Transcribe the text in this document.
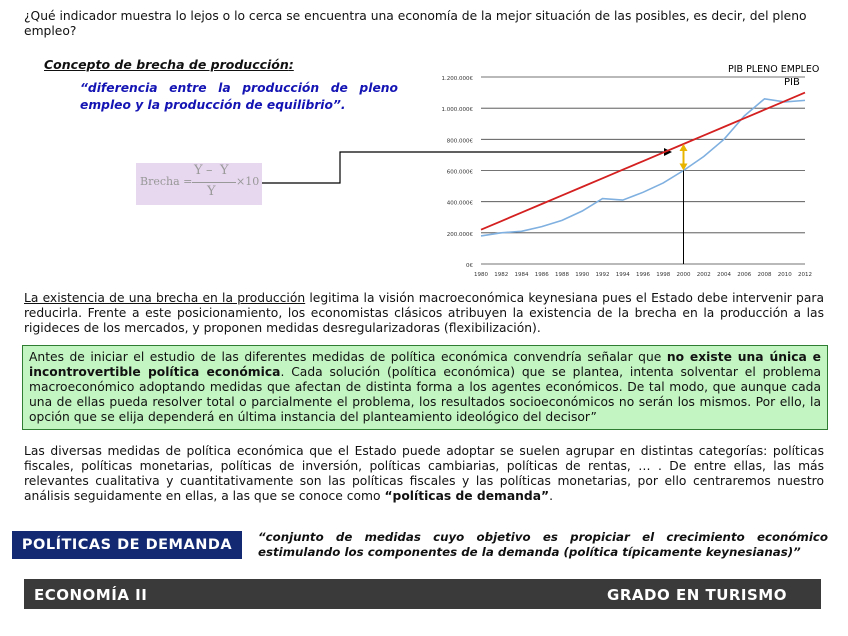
¿Qué indicador muestra lo lejos o lo cerca se encuentra una economía de la mejor situación de las posibles, es decir, del pleno empleo?
Concepto de brecha de producción:
“diferencia entre la producción de pleno empleo y la producción de equilibrio”.
Brecha =
Y – Y
Y
×10
0€
200.000€
400.000€
600.000€
800.000€
1.000.000€
1.200.000€
1980 1982 1984 1986 1988 1990 1992 1994 1996 1998 2000 2002 2004 2006 2008 2010 2012
PIB PLENO EMPLEO
PIB
La existencia de una brecha en la producción legitima la visión macroeconómica keynesiana pues el Estado debe intervenir para reducirla. Frente a este posicionamiento, los economistas clásicos atribuyen la existencia de la brecha en la producción a las rigideces de los mercados, y proponen medidas desregularizadoras (flexibilización).
Antes de iniciar el estudio de las diferentes medidas de política económica convendría señalar que no existe una única e incontrovertible política económica. Cada solución (política económica) que se plantea, intenta solventar el problema macroeconómico adoptando medidas que afectan de distinta forma a los agentes económicos. De tal modo, que aunque cada una de ellas pueda resolver total o parcialmente el problema, los resultados socioeconómicos no serán los mismos. Por ello, la opción que se elija dependerá en última instancia del planteamiento ideológico del decisor”
Las diversas medidas de política económica que el Estado puede adoptar se suelen agrupar en distintas categorías: políticas fiscales, políticas monetarias, políticas de inversión, políticas cambiarias, políticas de rentas, … . De entre ellas, las más relevantes cualitativa y cuantitativamente son las políticas fiscales y las políticas monetarias, por ello centraremos nuestro análisis seguidamente en ellas, a las que se conoce como “políticas de demanda”.
POLÍTICAS DE DEMANDA “conjunto de medidas cuyo objetivo es propiciar el crecimiento económico estimulando los componentes de la demanda (política típicamente keynesianas)”
ECONOMÍA II	GRADO EN TURISMO
